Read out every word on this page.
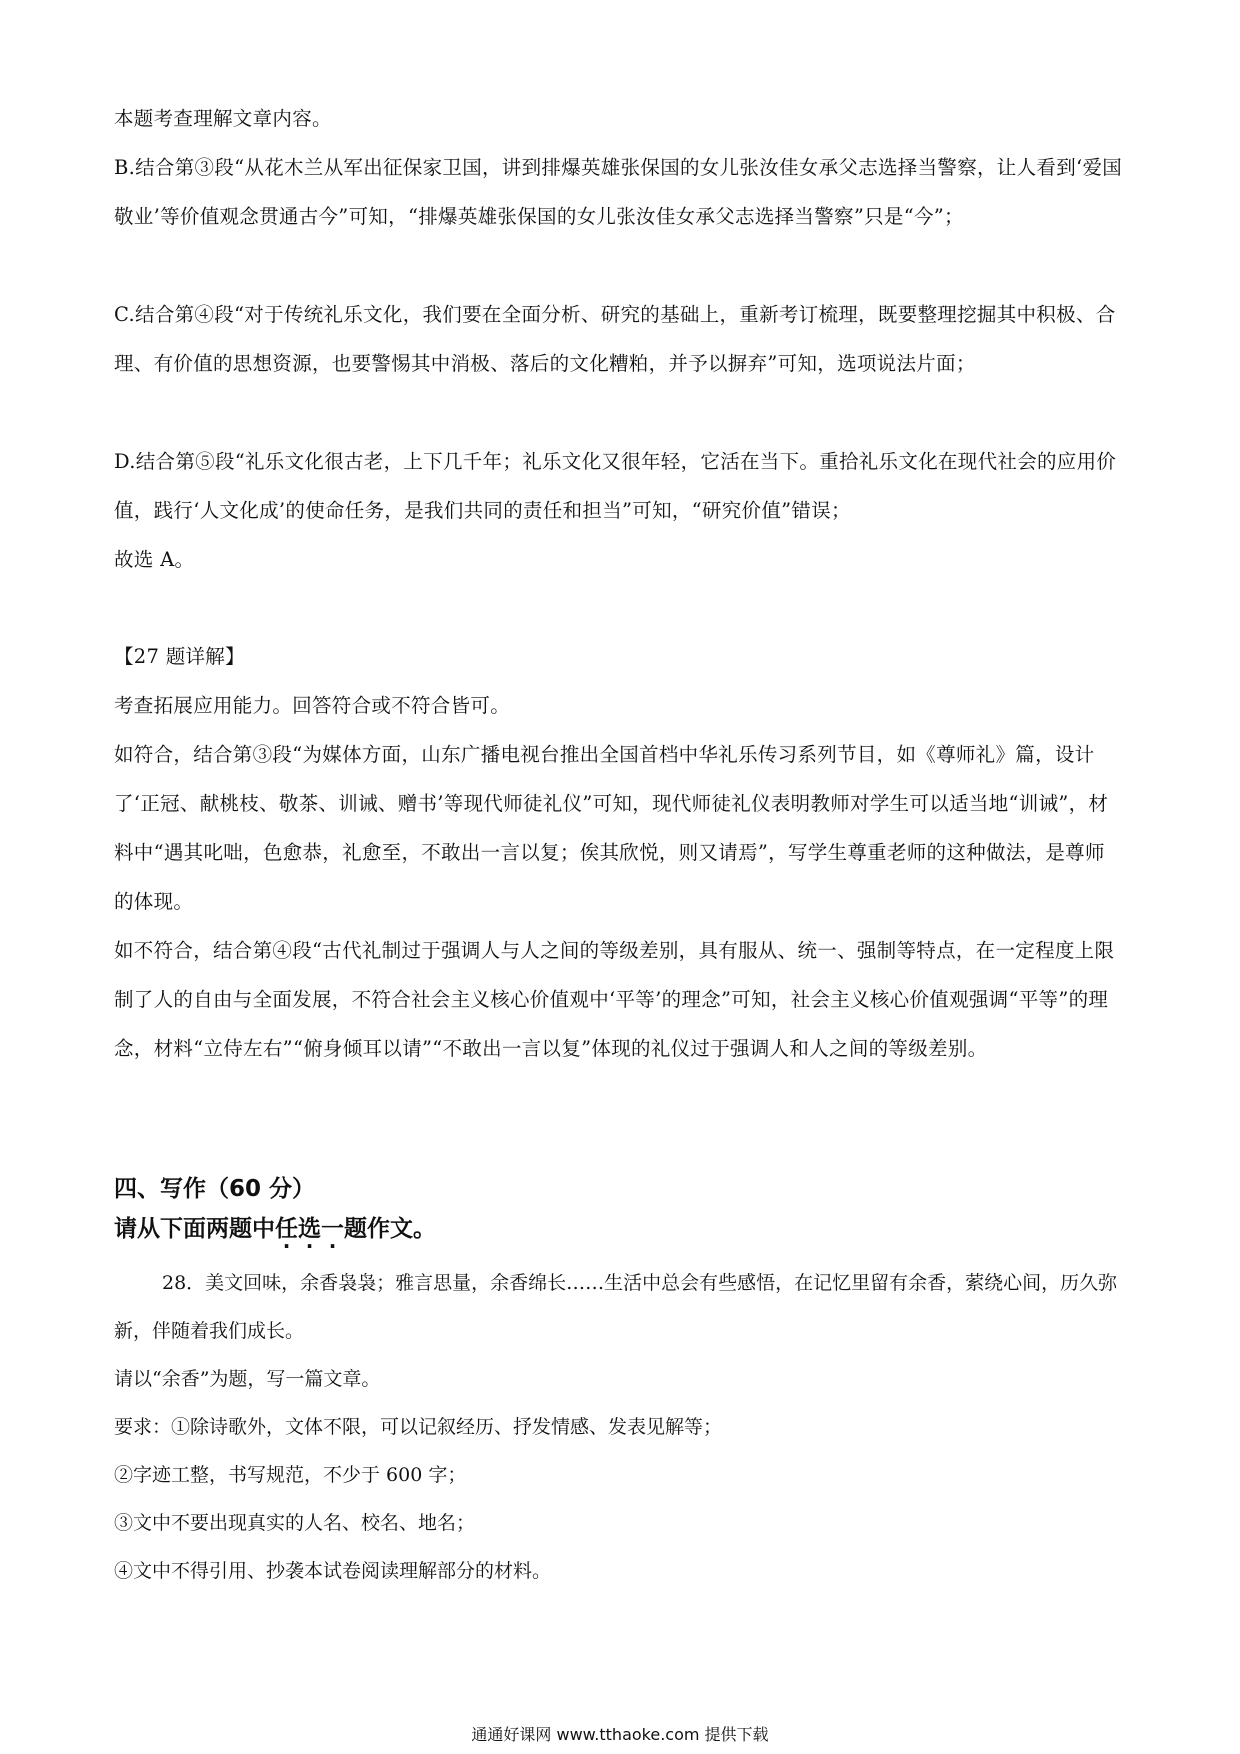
本题考查理解文章内容。

B.结合第③段“从花木兰从军出征保家卫国，讲到排爆英雄张保国的女儿张汝佳女承父志选择当警察，让人看到‘爱国敬业’等价值观念贯通古今”可知，“排爆英雄张保国的女儿张汝佳女承父志选择当警察”只是“今”；

C.结合第④段“对于传统礼乐文化，我们要在全面分析、研究的基础上，重新考订梳理，既要整理挖掘其中积极、合理、有价值的思想资源，也要警惕其中消极、落后的文化糟粕，并予以摒弃”可知，选项说法片面；

D.结合第⑤段“礼乐文化很古老，上下几千年；礼乐文化又很年轻，它活在当下。重拾礼乐文化在现代社会的应用价值，践行‘人文化成’的使命任务，是我们共同的责任和担当”可知，“研究价值”错误；

故选 A。

【27 题详解】

考查拓展应用能力。回答符合或不符合皆可。

如符合，结合第③段“为媒体方面，山东广播电视台推出全国首档中华礼乐传习系列节目，如《尊师礼》篇，设计了‘正冠、献桃枝、敬茶、训诫、赠书’等现代师徒礼仪”可知，现代师徒礼仪表明教师对学生可以适当地“训诫”，材料中“遇其叱咄，色愈恭，礼愈至，不敢出一言以复；俟其欣悦，则又请焉”，写学生尊重老师的这种做法，是尊师的体现。

如不符合，结合第④段“古代礼制过于强调人与人之间的等级差别，具有服从、统一、强制等特点，在一定程度上限制了人的自由与全面发展，不符合社会主义核心价值观中‘平等’的理念”可知，社会主义核心价值观强调“平等”的理念，材料“立侍左右”“俯身倾耳以请”“不敢出一言以复”体现的礼仪过于强调人和人之间的等级差别。

四、写作（60 分）

请从下面两题中任选一题作文。

28．美文回味，余香袅袅；雅言思量，余香绵长……生活中总会有些感悟，在记忆里留有余香，萦绕心间，历久弥新，伴随着我们成长。

请以“余香”为题，写一篇文章。

要求：①除诗歌外，文体不限，可以记叙经历、抒发情感、发表见解等；

②字迹工整，书写规范，不少于 600 字；

③文中不要出现真实的人名、校名、地名；

④文中不得引用、抄袭本试卷阅读理解部分的材料。

通通好课网 www.tthaoke.com 提供下载
